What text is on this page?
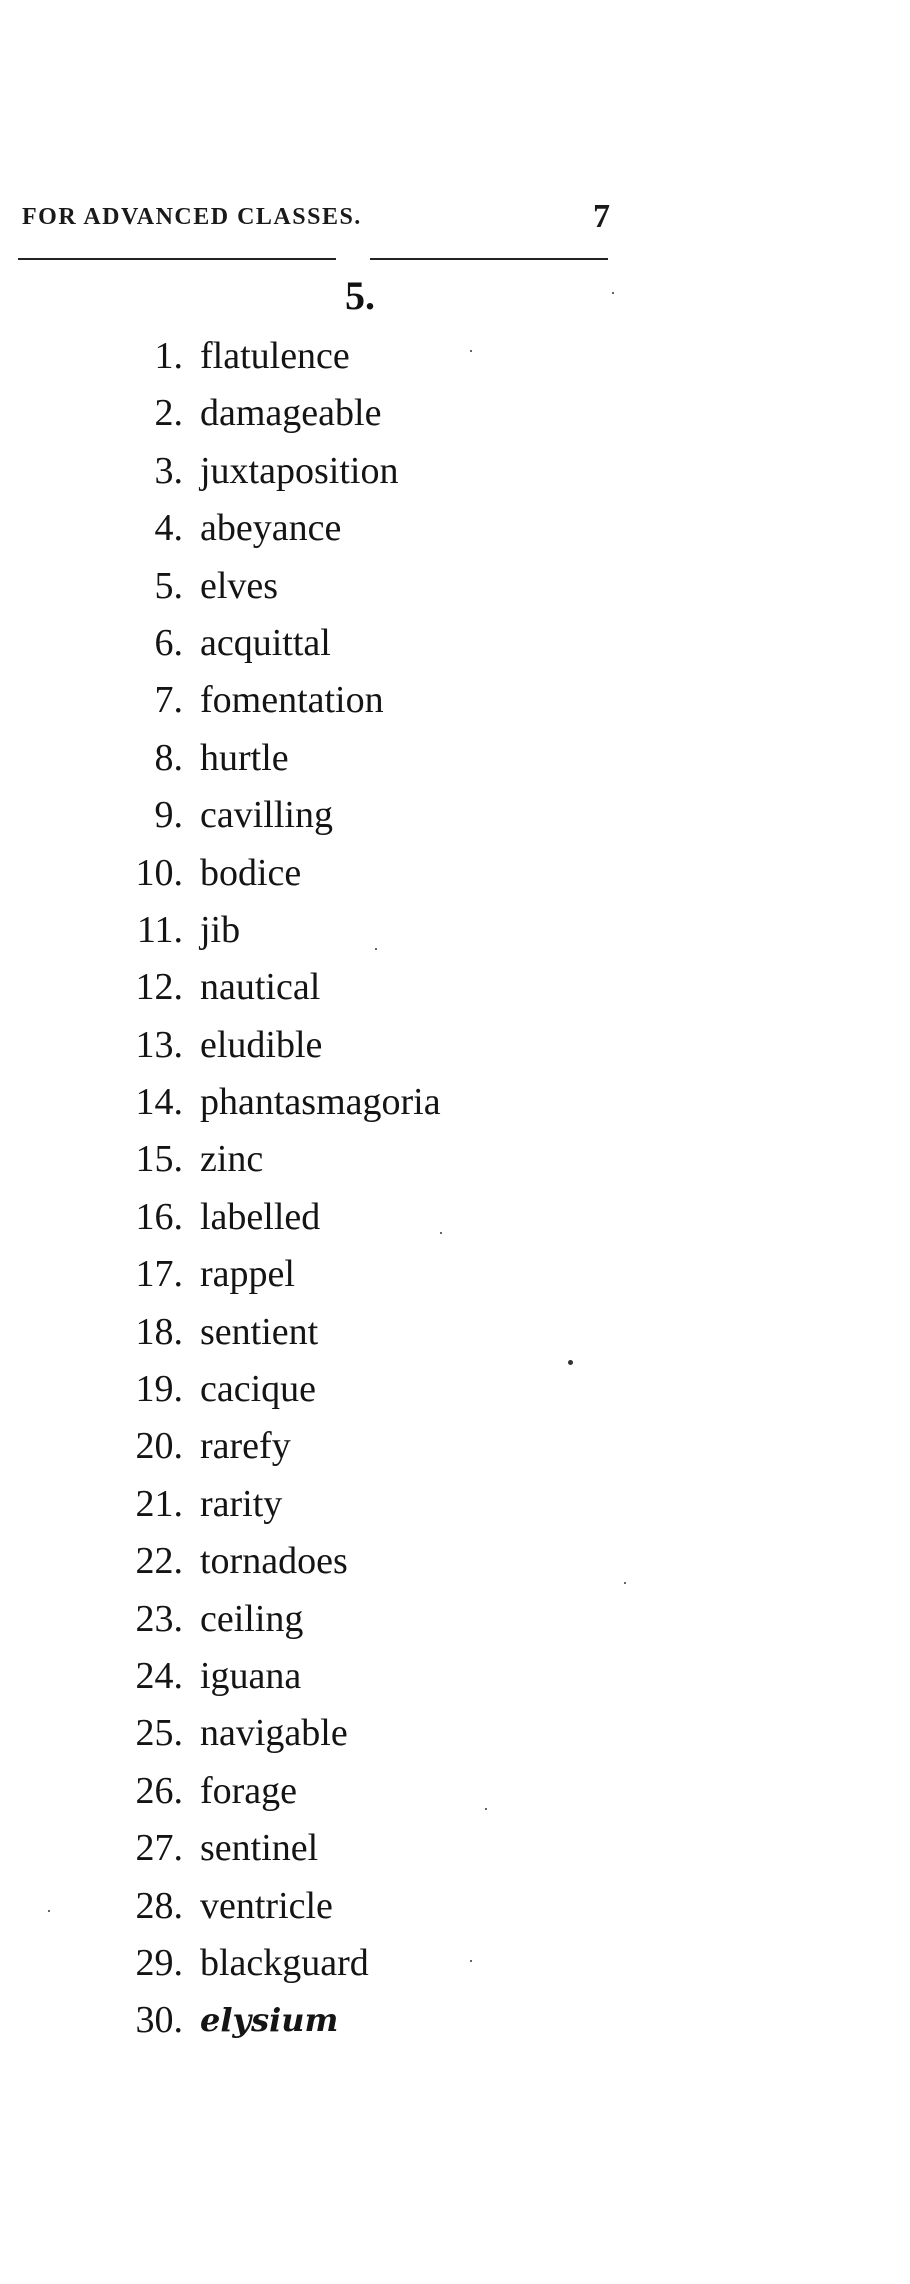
FOR ADVANCED CLASSES.	7
5.
1. flatulence
2. damageable
3. juxtaposition
4. abeyance
5. elves
6. acquittal
7. fomentation
8. hurtle
9. cavilling
10. bodice
11. jib
12. nautical
13. eludible
14. phantasmagoria
15. zinc
16. labelled
17. rappel
18. sentient
19. cacique
20. rarefy
21. rarity
22. tornadoes
23. ceiling
24. iguana
25. navigable
26. forage
27. sentinel
28. ventricle
29. blackguard
30. elysium
